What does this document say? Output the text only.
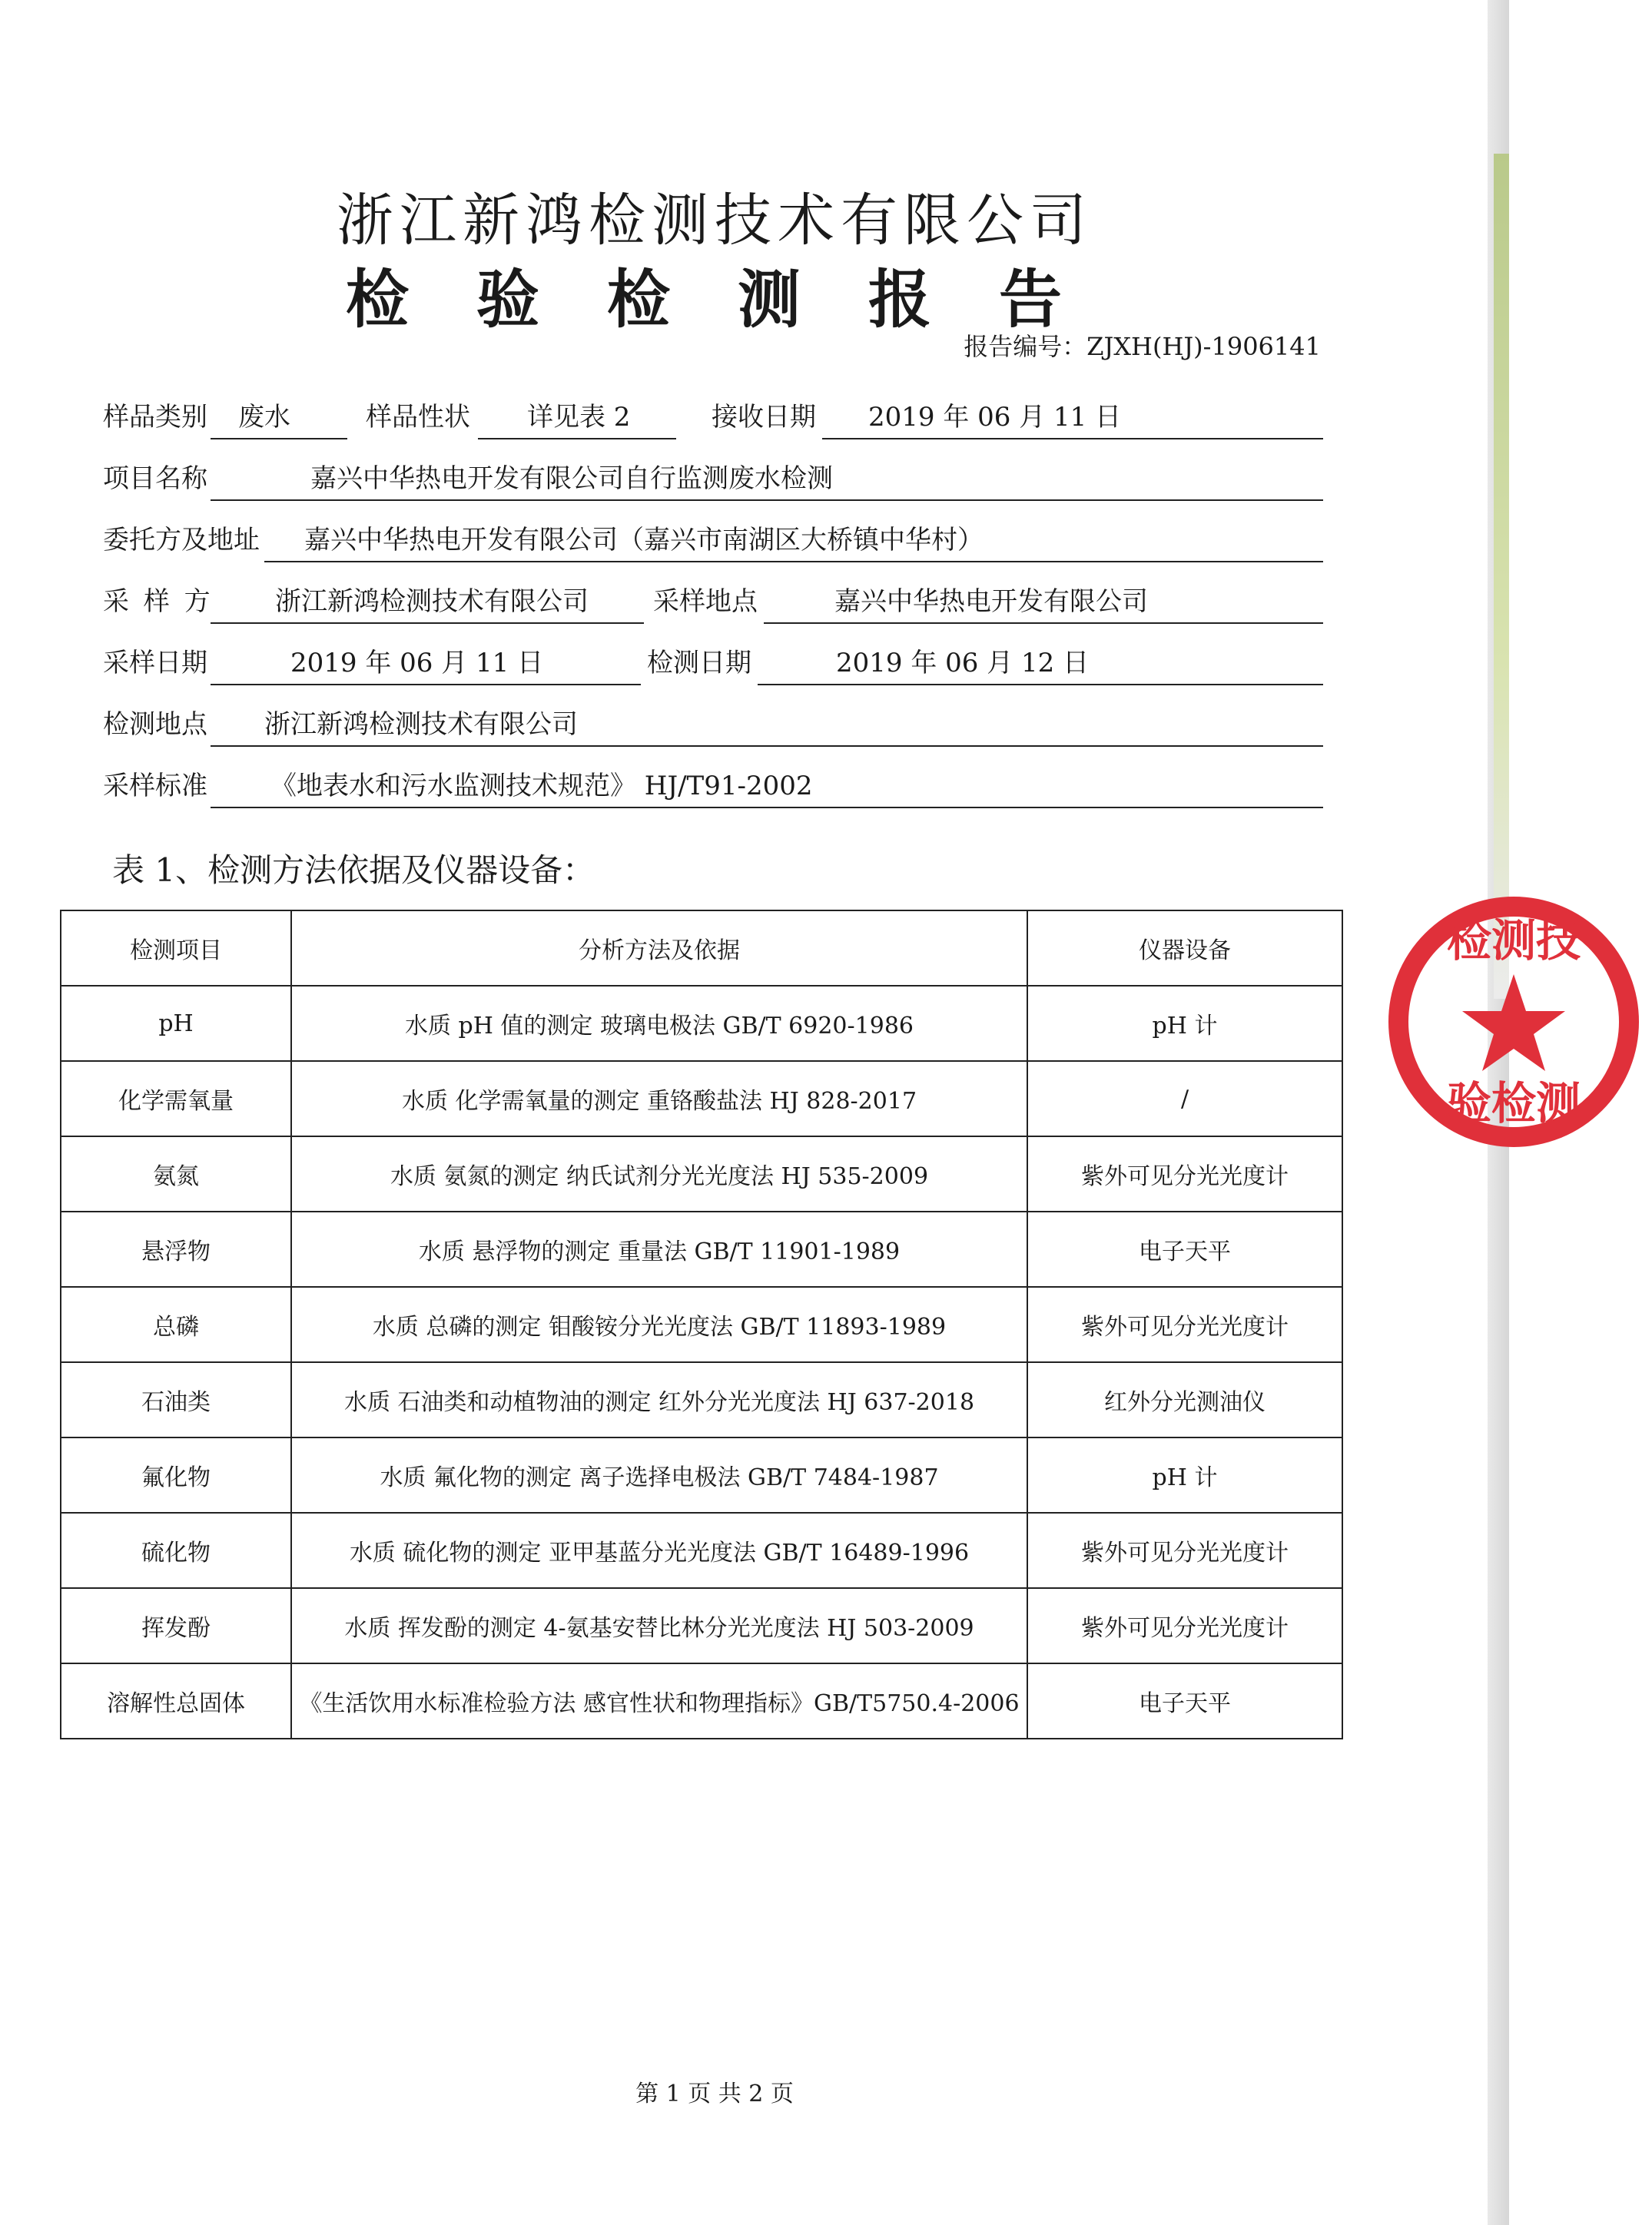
浙江新鸿检测技术有限公司
检验检测报告
报告编号：ZJXH(HJ)-1906141
样品类别 废水	样品性状 详见表 2	接收日期 2019 年 06 月 11 日
项目名称	嘉兴中华热电开发有限公司自行监测废水检测
委托方及地址 嘉兴中华热电开发有限公司（嘉兴市南湖区大桥镇中华村）
采 样 方 浙江新鸿检测技术有限公司 采样地点	嘉兴中华热电开发有限公司
采样日期	2019 年 06 月 11 日	检测日期	2019 年 06 月 12 日
检测地点 浙江新鸿检测技术有限公司
采样标准 《地表水和污水监测技术规范》 HJ/T91-2002
表 1、检测方法依据及仪器设备：
检测项目	分析方法及依据	仪器设备
pH	水质 pH 值的测定 玻璃电极法 GB/T 6920-1986	pH 计
化学需氧量	水质 化学需氧量的测定 重铬酸盐法 HJ 828-2017	/
氨氮	水质 氨氮的测定 纳氏试剂分光光度法 HJ 535-2009	紫外可见分光光度计
悬浮物	水质 悬浮物的测定 重量法 GB/T 11901-1989	电子天平
总磷	水质 总磷的测定 钼酸铵分光光度法 GB/T 11893-1989	紫外可见分光光度计
石油类	水质 石油类和动植物油的测定 红外分光光度法 HJ 637-2018	红外分光测油仪
氟化物	水质 氟化物的测定 离子选择电极法 GB/T 7484-1987	pH 计
硫化物	水质 硫化物的测定 亚甲基蓝分光光度法 GB/T 16489-1996	紫外可见分光光度计
挥发酚	水质 挥发酚的测定 4-氨基安替比林分光光度法 HJ 503-2009	紫外可见分光光度计
溶解性总固体	《生活饮用水标准检验方法 感官性状和物理指标》GB/T5750.4-2006	电子天平
检测技
验检测
第 1 页 共 2 页
